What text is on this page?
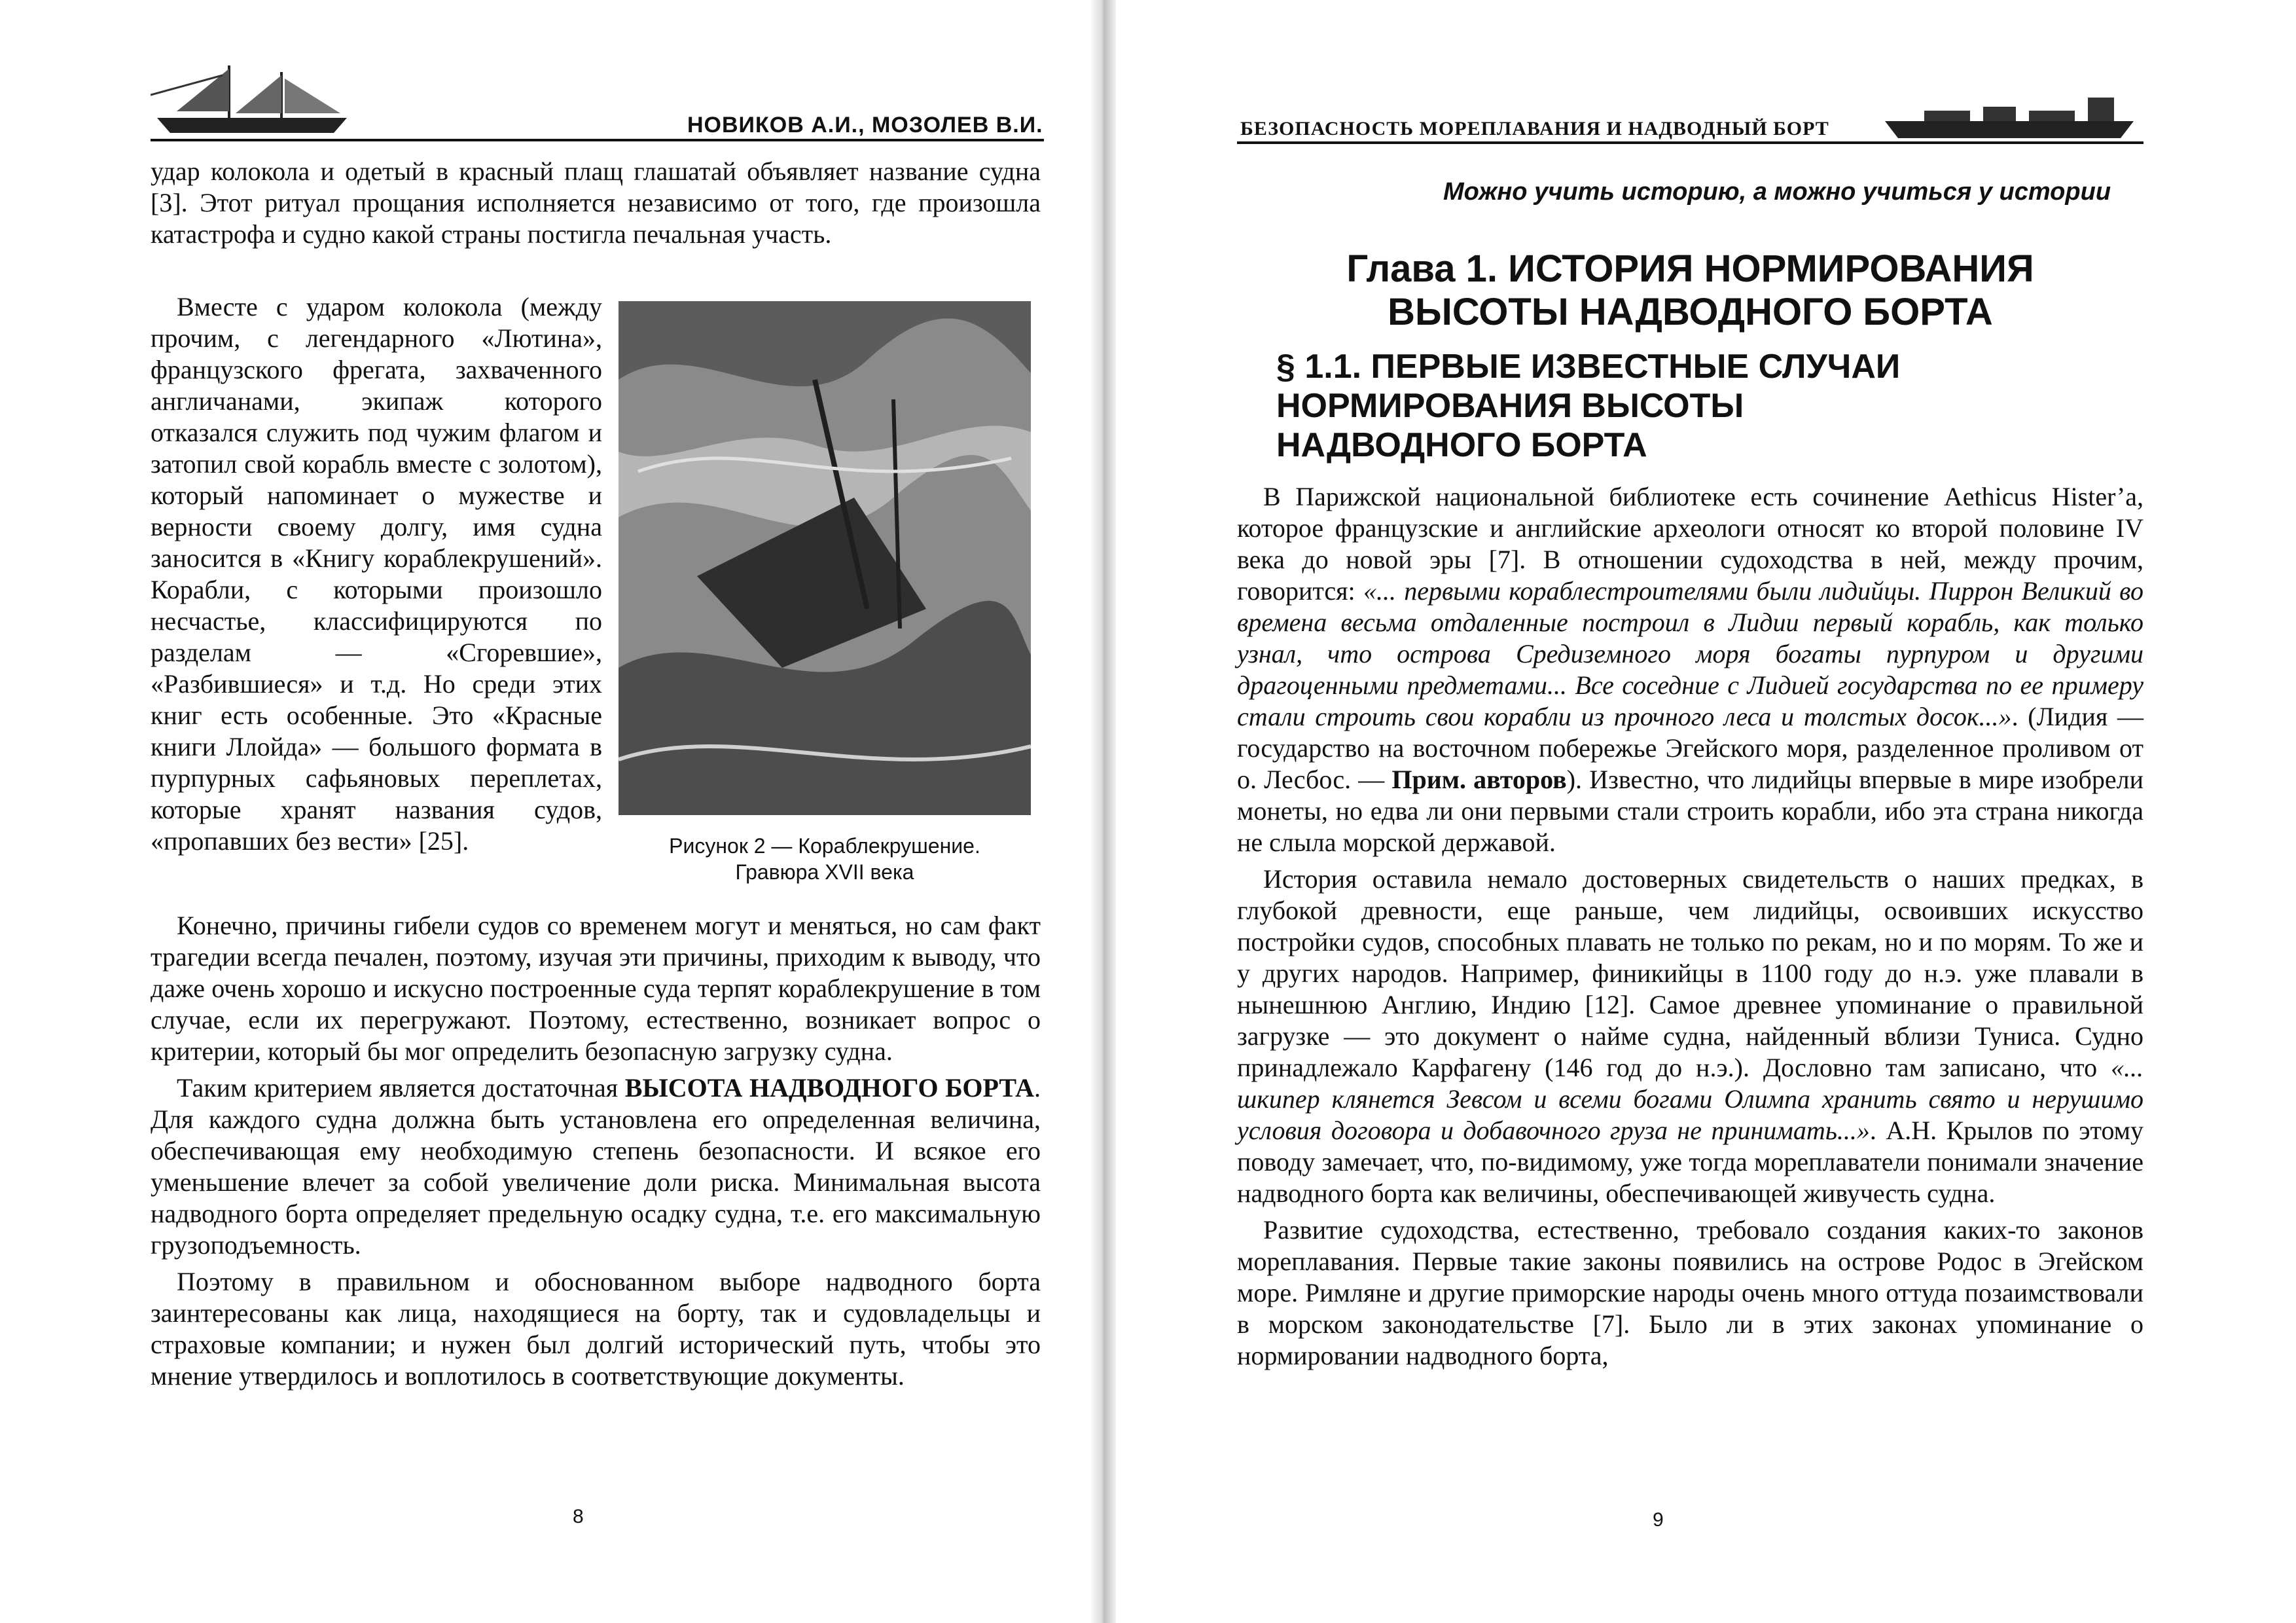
НОВИКОВ А.И., МОЗОЛЕВ В.И.

удар колокола и одетый в красный плащ глашатай объявляет название судна [3]. Этот ритуал прощания исполняется независимо от того, где произошла катастрофа и судно какой страны постигла печальная участь.

Вместе с ударом колокола (между прочим, с легендарного «Лютина», французского фрегата, захваченного англичанами, экипаж которого отказался служить под чужим флагом и затопил свой корабль вместе с золотом), который напоминает о мужестве и верности своему долгу, имя судна заносится в «Книгу кораблекрушений». Корабли, с которыми произошло несчастье, классифицируются по разделам — «Сгоревшие», «Разбившиеся» и т.д. Но среди этих книг есть особенные. Это «Красные книги Ллойда» — большого формата в пурпурных сафьяновых переплетах, которые хранят названия судов, «пропавших без вести» [25].	Рисунок 2 — Кораблекрушение.
Гравюра XVII века

Конечно, причины гибели судов со временем могут и меняться, но сам факт трагедии всегда печален, поэтому, изучая эти причины, приходим к выводу, что даже очень хорошо и искусно построенные суда терпят кораблекрушение в том случае, если их перегружают. Поэтому, естественно, возникает вопрос о критерии, который бы мог определить безопасную загрузку судна.

Таким критерием является достаточная ВЫСОТА НАДВОДНОГО БОРТА. Для каждого судна должна быть установлена его определенная величина, обеспечивающая ему необходимую степень безопасности. И всякое его уменьшение влечет за собой увеличение доли риска. Минимальная высота надводного борта определяет предельную осадку судна, т.е. его максимальную грузоподъемность.

Поэтому в правильном и обоснованном выборе надводного борта заинтересованы как лица, находящиеся на борту, так и судовладельцы и страховые компании; и нужен был долгий исторический путь, чтобы это мнение утвердилось и воплотилось в соответствующие документы.

8
БЕЗОПАСНОСТЬ МОРЕПЛАВАНИЯ И НАДВОДНЫЙ БОРТ
Можно учить историю, а можно учиться у истории
Глава 1. ИСТОРИЯ НОРМИРОВАНИЯ
ВЫСОТЫ НАДВОДНОГО БОРТА
§ 1.1. ПЕРВЫЕ ИЗВЕСТНЫЕ СЛУЧАИ
НОРМИРОВАНИЯ ВЫСОТЫ
НАДВОДНОГО БОРТА

В Парижской национальной библиотеке есть сочинение Aethicus Hister’а, которое французские и английские археологи относят ко второй половине IV века до новой эры [7]. В отношении судоходства в ней, между прочим, говорится: «... первыми кораблестроителями были лидийцы. Пиррон Великий во времена весьма отдаленные построил в Лидии первый корабль, как только узнал, что острова Средиземного моря богаты пурпуром и другими драгоценными предметами... Все соседние с Лидией государства по ее примеру стали строить свои корабли из прочного леса и толстых досок...». (Лидия — государство на восточном побережье Эгейского моря, разделенное проливом от о. Лесбос. — Прим. авторов). Известно, что лидийцы впервые в мире изобрели монеты, но едва ли они первыми стали строить корабли, ибо эта страна никогда не слыла морской державой.

История оставила немало достоверных свидетельств о наших предках, в глубокой древности, еще раньше, чем лидийцы, освоивших искусство постройки судов, способных плавать не только по рекам, но и по морям. То же и у других народов. Например, финикийцы в 1100 году до н.э. уже плавали в нынешнюю Англию, Индию [12]. Самое древнее упоминание о правильной загрузке — это документ о найме судна, найденный вблизи Туниса. Судно принадлежало Карфагену (146 год до н.э.). Дословно там записано, что «... шкипер клянется Зевсом и всеми богами Олимпа хранить свято и нерушимо условия договора и добавочного груза не принимать...». А.Н. Крылов по этому поводу замечает, что, по-видимому, уже тогда мореплаватели понимали значение надводного борта как величины, обеспечивающей живучесть судна.

Развитие судоходства, естественно, требовало создания каких-то законов мореплавания. Первые такие законы появились на острове Родос в Эгейском море. Римляне и другие приморские народы очень много оттуда позаимствовали в морском законодательстве [7]. Было ли в этих законах упоминание о нормировании надводного борта,

9
